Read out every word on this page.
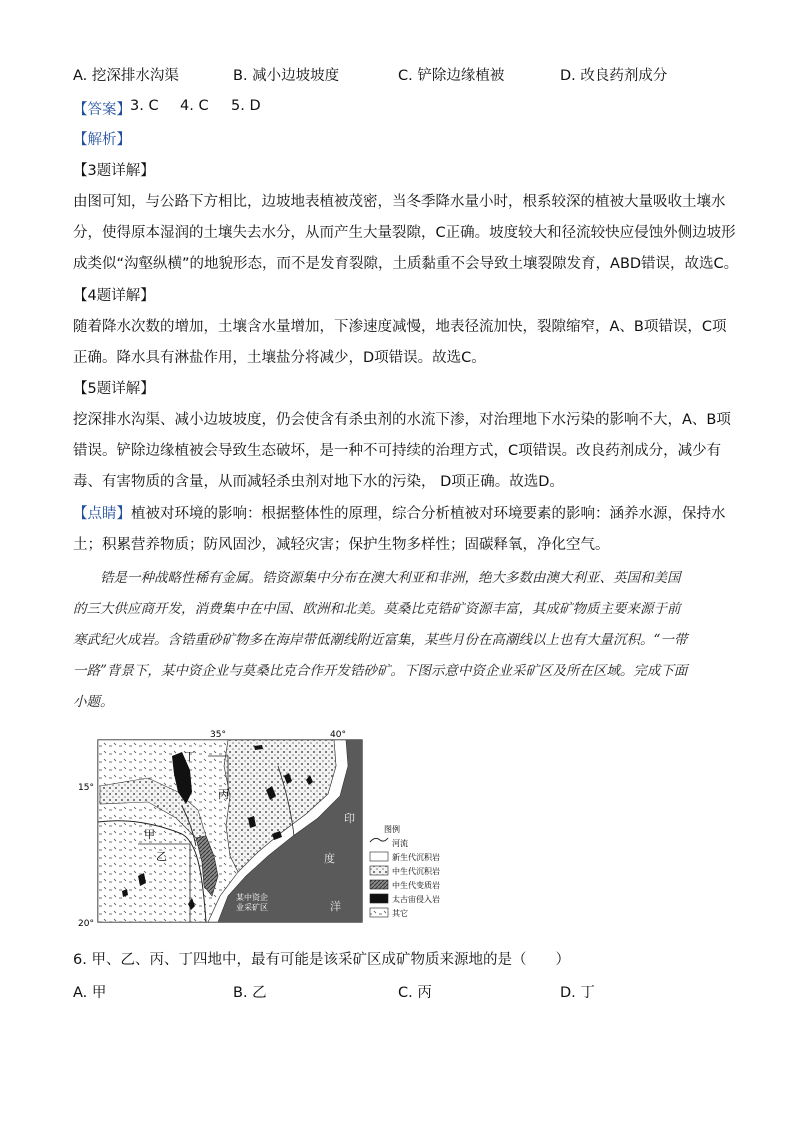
A. 挖深排水沟渠	B. 减小边坡坡度	C. 铲除边缘植被	D. 改良药剂成分
【答案】 3. C 4. C 5. D
【解析】
【3题详解】
由图可知，与公路下方相比，边坡地表植被茂密，当冬季降水量小时，根系较深的植被大量吸收土壤水
分，使得原本湿润的土壤失去水分，从而产生大量裂隙，C正确。坡度较大和径流较快应侵蚀外侧边坡形
成类似“沟壑纵横”的地貌形态，而不是发育裂隙，土质黏重不会导致土壤裂隙发育，ABD错误，故选C。
【4题详解】
随着降水次数的增加，土壤含水量增加，下渗速度减慢，地表径流加快，裂隙缩窄，A、B项错误，C项
正确。降水具有淋盐作用，土壤盐分将减少，D项错误。故选C。
【5题详解】
挖深排水沟渠、减小边坡坡度，仍会使含有杀虫剂的水流下渗，对治理地下水污染的影响不大，A、B项
错误。铲除边缘植被会导致生态破坏，是一种不可持续的治理方式，C项错误。改良药剂成分，减少有
毒、有害物质的含量，从而减轻杀虫剂对地下水的污染， D项正确。故选D。
【点睛】植被对环境的影响：根据整体性的原理，综合分析植被对环境要素的影响：涵养水源，保持水
土；积累营养物质；防风固沙，减轻灾害；保护生物多样性；固碳释氧，净化空气。
　　锆是一种战略性稀有金属。锆资源集中分布在澳大利亚和非洲，绝大多数由澳大利亚、英国和美国
的三大供应商开发，消费集中在中国、欧洲和北美。莫桑比克锆矿资源丰富，其成矿物质主要来源于前
寒武纪火成岩。含锆重砂矿物多在海岸带低潮线附近富集，某些月份在高潮线以上也有大量沉积。“一带
一路”背景下，某中资企业与莫桑比克合作开发锆砂矿。下图示意中资企业采矿区及所在区域。完成下面
小题。
35°	40°
15°
20°
丁
丙
甲
乙
印
度
洋
某中资企
业采矿区
图例
河流
新生代沉积岩
中生代沉积岩
中生代变质岩
太古宙侵入岩
其它
6. 甲、乙、丙、丁四地中，最有可能是该采矿区成矿物质来源地的是（　　）
A. 甲	B. 乙	C. 丙	D. 丁
